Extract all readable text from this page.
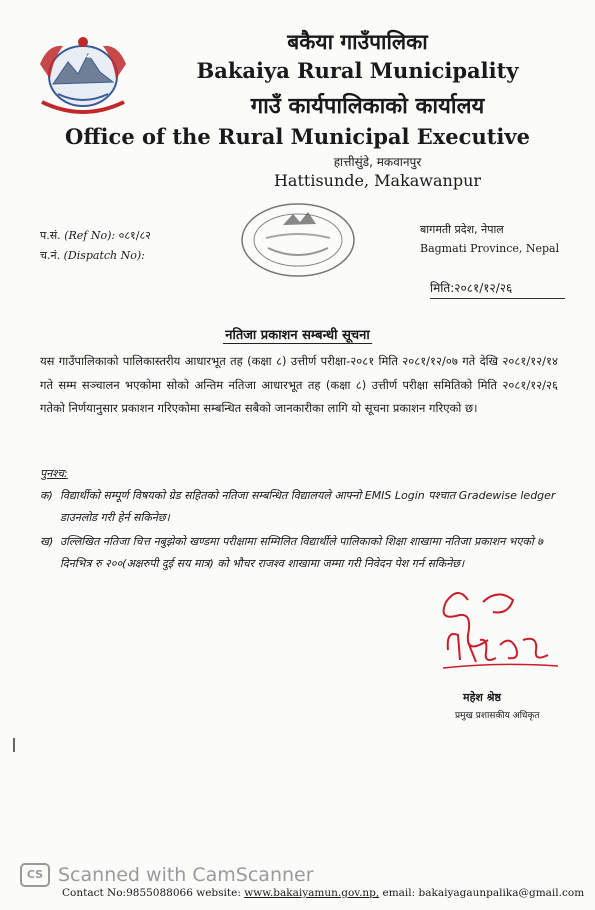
बकैया गाउँपालिका
Bakaiya Rural Municipality
गाउँ कार्यपालिकाको कार्यालय
Office of the Rural Municipal Executive
हात्तीसुंडे, मकवानपुर
Hattisunde, Makawanpur
प.सं. (Ref No): ०८१/८२
च.नं. (Dispatch No):
बागमती प्रदेश, नेपाल
Bagmati Province, Nepal
मिति:२०८१/१२/२६
नतिजा प्रकाशन सम्बन्धी सूचना
यस गाउँपालिकाको पालिकास्तरीय आधारभूत तह (कक्षा ८) उत्तीर्ण परीक्षा-२०८१ मिति २०८१/१२/०७ गते देखि २०८१/१२/१४ गते सम्म सञ्चालन भएकोमा सोको अन्तिम नतिजा आधारभूत तह (कक्षा ८) उत्तीर्ण परीक्षा समितिको मिति २०८१/१२/२६ गतेको निर्णयानुसार प्रकाशन गरिएकोमा सम्बन्धित सबैको जानकारीका लागि यो सूचना प्रकाशन गरिएको छ।
पुनश्च:
क) विद्यार्थीको सम्पूर्ण विषयको ग्रेड सहितको नतिजा सम्बन्धित विद्यालयले आफ्नो EMIS Login पश्चात Gradewise ledger डाउनलोड गरी हेर्न सकिनेछ।
ख) उल्लिखित नतिजा चित्त नबुझेको खण्डमा परीक्षामा सम्मिलित विद्यार्थीले पालिकाको शिक्षा शाखामा नतिजा प्रकाशन भएको ७ दिनभित्र रु २००(अक्षरुपी दुई सय मात्र) को भौचर राजश्व शाखामा जम्मा गरी निवेदन पेश गर्न सकिनेछ।
महेश श्रेष्ठ
प्रमुख प्रशासकीय अधिकृत
CS Scanned with CamScanner
Contact No:9855088066 website: www.bakaiyamun.gov.np, email: bakaiyagaunpalika@gmail.com
